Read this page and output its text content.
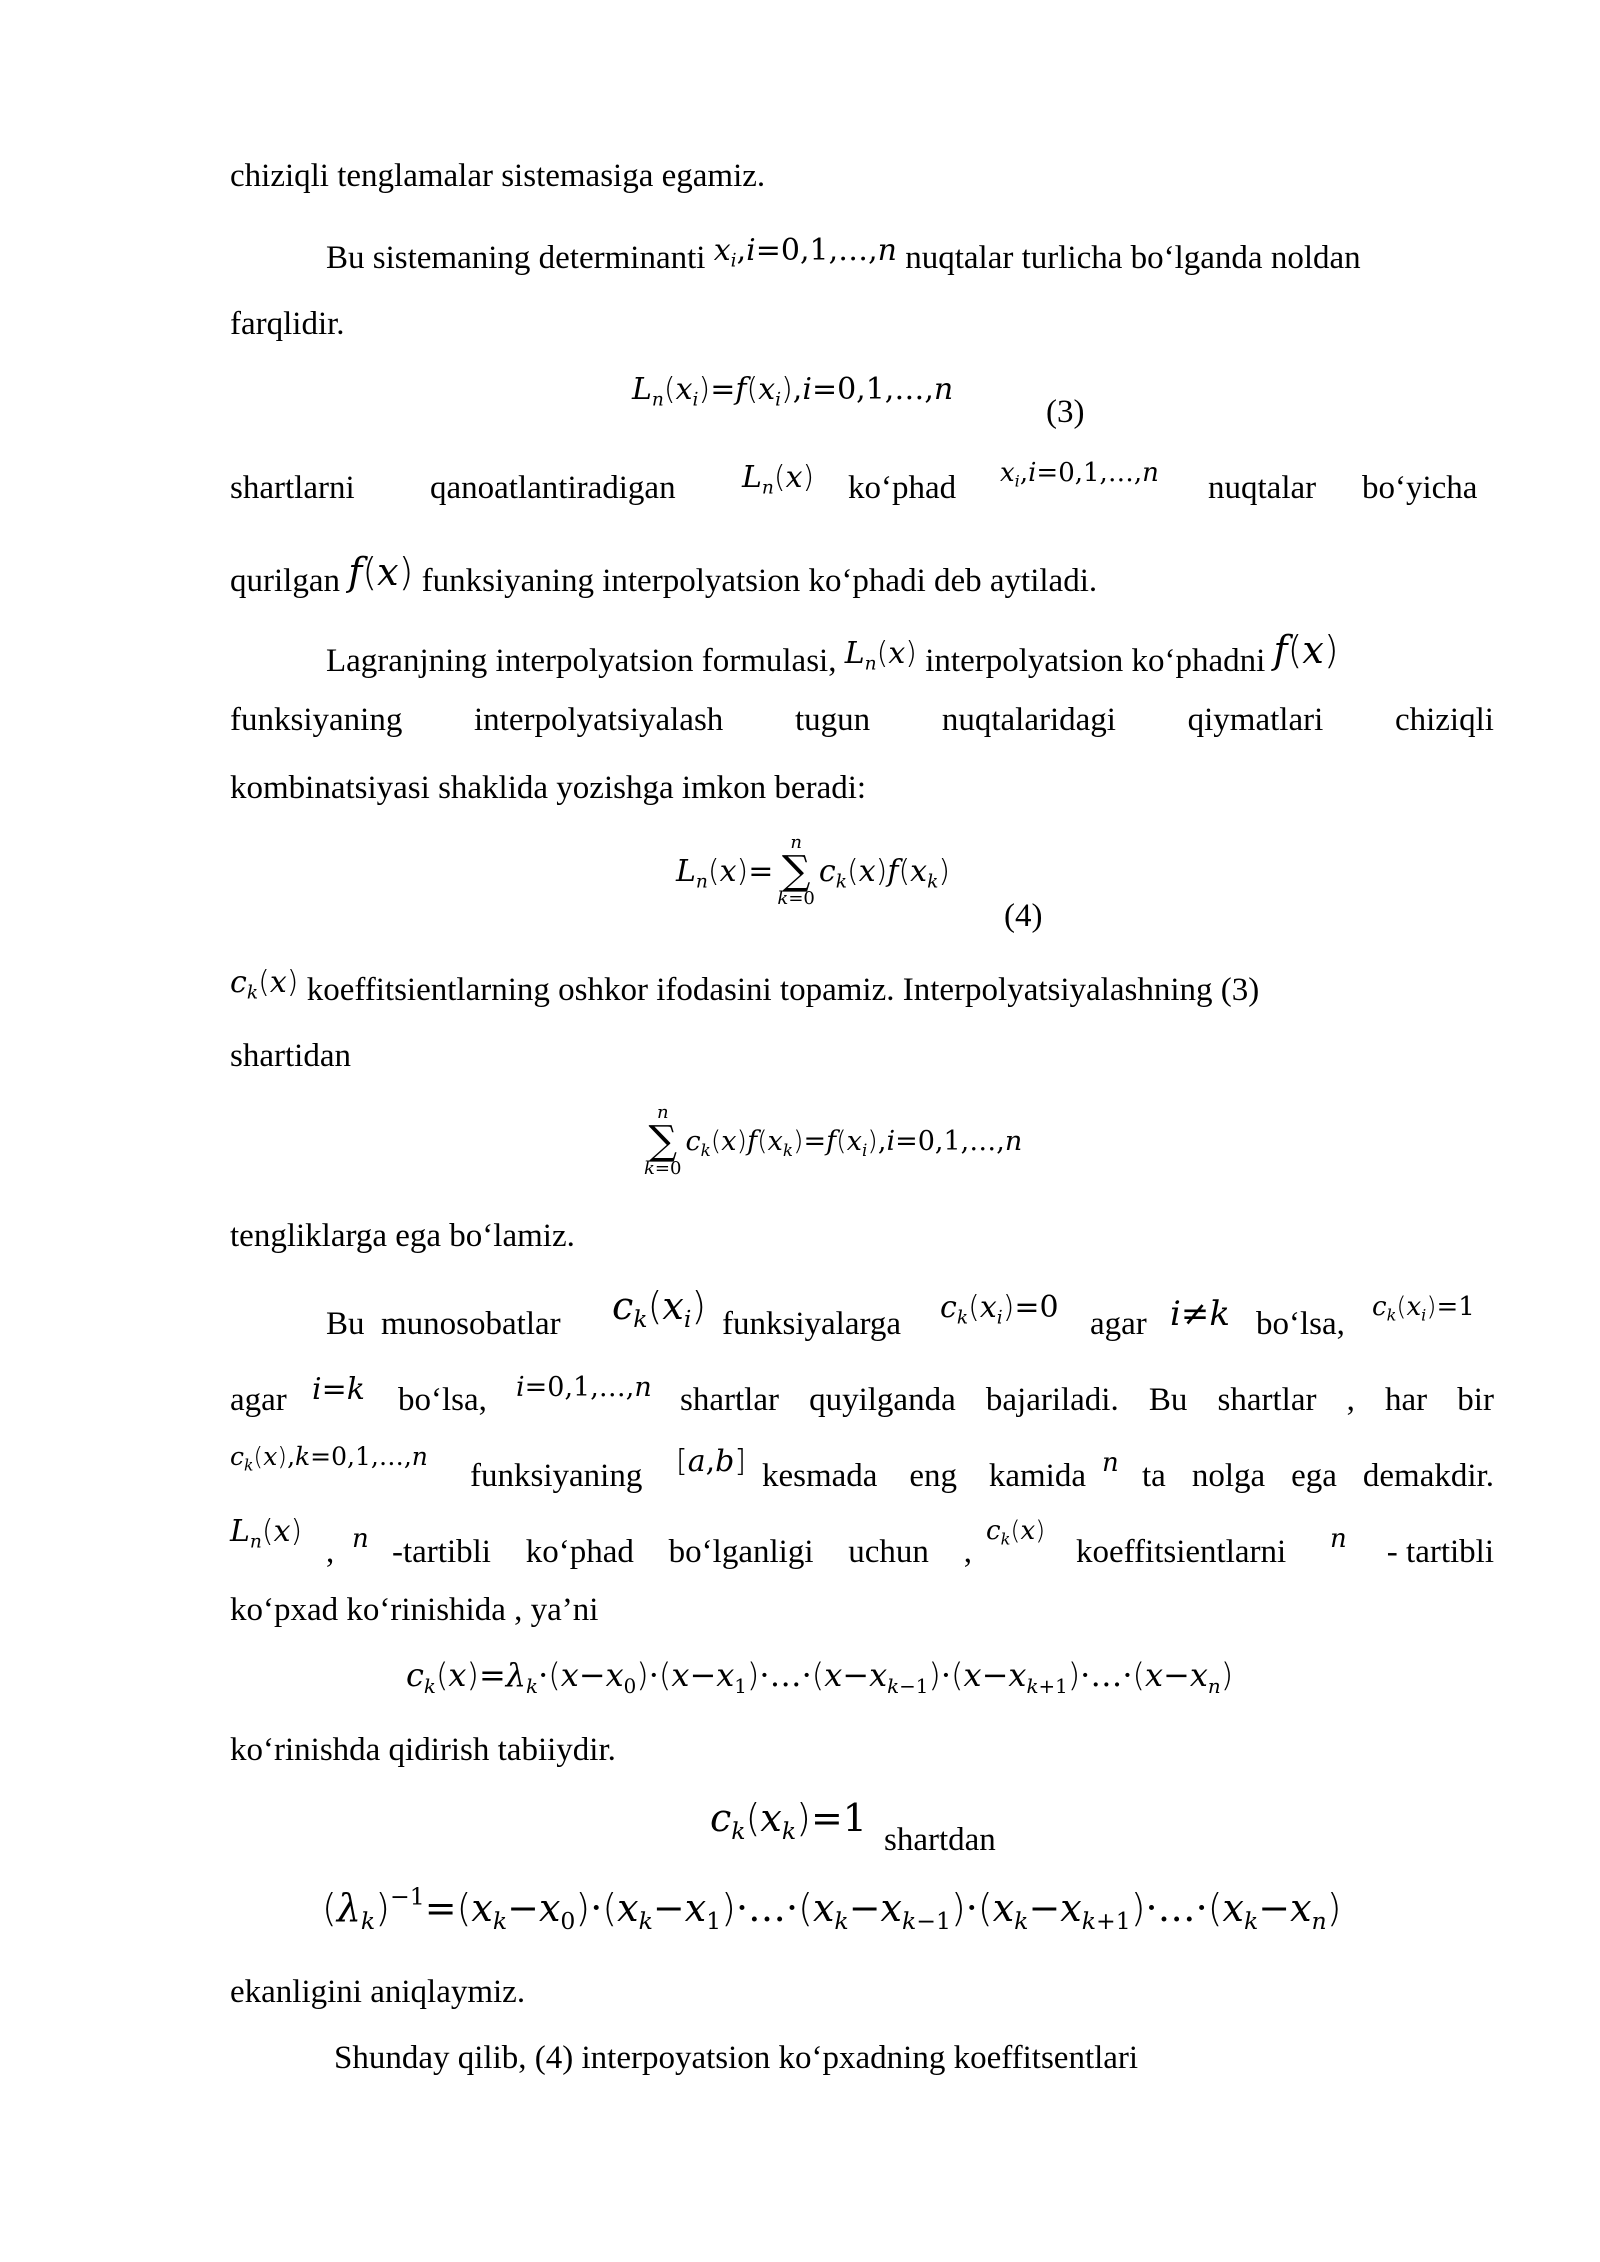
chiziqli tenglamalar sistemasiga egamiz.
Bu sistemaning determinanti $x_i,i=0,1,\dots,n$ nuqtalar turlicha bo‘lganda noldan
farqlidir.
$L_n(x_i)=f(x_i),i=0,1,\dots,n$
(3)
shartlarni qanoatlantiradigan $L_n(x)$ ko‘phad $x_i,i=0,1,\dots,n$ nuqtalar bo‘yicha
qurilgan f(x) funksiyaning interpolyatsion ko‘phadi deb aytiladi.
Lagranjning interpolyatsion formulasi, $L_n(x)$ interpolyatsion ko‘phadni f(x)
funksiyaning interpolyatsiyalash tugun nuqtalaridagi qiymatlari chiziqli
kombinatsiyasi shaklida yozishga imkon beradi:
$L_n(x)=$
n
∑
k=0
$c_k(x)f(x_k)$
(4)
$c_k(x)$ koeffitsientlarning oshkor ifodasini topamiz. Interpolyatsiyalashning (3)
shartidan
n
∑
k=0
$c_k(x)f(x_k)=f(x_i),i=0,1,\dots,n$
tengliklarga ega bo‘lamiz.
Bu munosobatlar $c_k(x_i)$ funksiyalarga $c_k(x_i)=0$ agar i≠k bo‘lsa, $c_k(x_i)=1$
agar i=k bo‘lsa, i=0,1,…,n shartlar quyilganda bajariladi. Bu shartlar , har bir
$c_k(x),k=0,1,\dots,n$
funksiyaning [a,b] kesmada eng kamida n ta nolga ega demakdir.
$L_n(x)$
, n -tartibli ko‘phad bo‘lganligi uchun ,
$c_k(x)$
koeffitsientlarni n	- tartibli
ko‘pxad ko‘rinishida , ya’ni
$c_k(x)=\lambda_k\cdot(x-x_0)\cdot(x-x_1)\cdot\dots\cdot(x-x_{k-1})\cdot(x-x_{k+1})\cdot\dots\cdot(x-x_n)$
ko‘rinishda qidirish tabiiydir.
$c_k(x_k)=1$ shartdan
$(\lambda_k)^{-1}=(x_k-x_0)\cdot(x_k-x_1)\cdot\dots\cdot(x_k-x_{k-1})\cdot(x_k-x_{k+1})\cdot\dots\cdot(x_k-x_n)$
ekanligini aniqlaymiz.
Shunday qilib, (4) interpoyatsion ko‘pxadning koeffitsentlari
